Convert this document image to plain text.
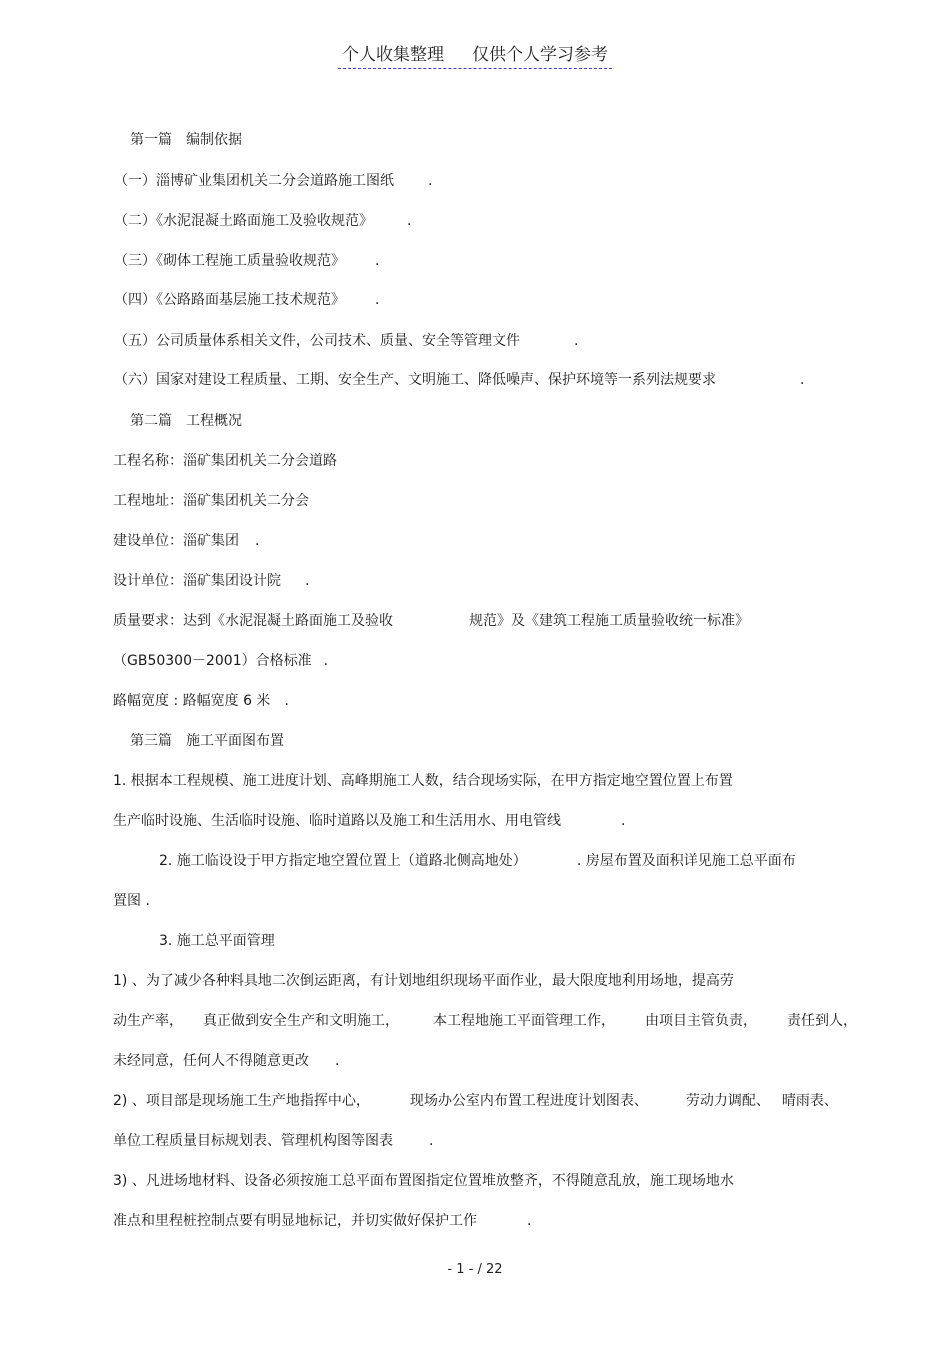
个人收集整理 仅供个人学习参考
第一篇　编制依据
（一）淄博矿业集团机关二分会道路施工图纸 .
（二）《水泥混凝土路面施工及验收规范》 .
（三）《砌体工程施工质量验收规范》 .
（四）《公路路面基层施工技术规范》 .
（五）公司质量体系相关文件，公司技术、质量、安全等管理文件	.
（六）国家对建设工程质量、工期、安全生产、文明施工、降低噪声、保护环境等一系列法规要求	.
第二篇　工程概况
工程名称：淄矿集团机关二分会道路
工程地址：淄矿集团机关二分会
建设单位：淄矿集团 .
设计单位：淄矿集团设计院 .
质量要求：达到《水泥混凝土路面施工及验收	规范》及《建筑工程施工质量验收统一标准》
（GB50300－2001）合格标准 .
路幅宽度 : 路幅宽度 6 米 .
第三篇　施工平面图布置
1. 根据本工程规模、施工进度计划、高峰期施工人数，结合现场实际，在甲方指定地空置位置上布置
生产临时设施、生活临时设施、临时道路以及施工和生活用水、用电管线	.
2. 施工临设设于甲方指定地空置位置上（道路北侧高地处）	. 房屋布置及面积详见施工总平面布
置图 .
3. 施工总平面管理
1) 、为了减少各种料具地二次倒运距离，有计划地组织现场平面作业，最大限度地利用场地，提高劳
动生产率， 真正做到安全生产和文明施工， 本工程地施工平面管理工作， 由项目主管负责， 责任到人，
未经同意，任何人不得随意更改 .
2) 、项目部是现场施工生产地指挥中心，	现场办公室内布置工程进度计划图表、	劳动力调配、 晴雨表、
单位工程质量目标规划表、管理机构图等图表	.
3) 、凡进场地材料、设备必须按施工总平面布置图指定位置堆放整齐，不得随意乱放，施工现场地水
准点和里程桩控制点要有明显地标记，并切实做好保护工作	.
- 1 - / 22
